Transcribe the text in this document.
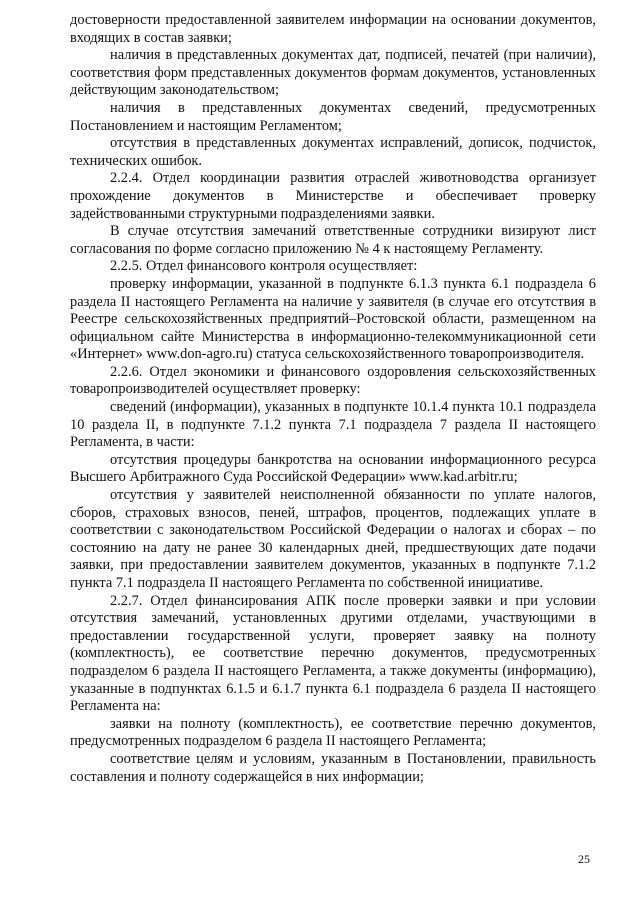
достоверности предоставленной заявителем информации на основании документов, входящих в состав заявки;

наличия в представленных документах дат, подписей, печатей (при наличии), соответствия форм представленных документов формам документов, установленных действующим законодательством;

наличия в представленных документах сведений, предусмотренных Постановлением и настоящим Регламентом;

отсутствия в представленных документах исправлений, дописок, подчисток, технических ошибок.

2.2.4. Отдел координации развития отраслей животноводства организует прохождение документов в Министерстве и обеспечивает проверку задействованными структурными подразделениями заявки.

В случае отсутствия замечаний ответственные сотрудники визируют лист согласования по форме согласно приложению № 4 к настоящему Регламенту.

2.2.5. Отдел финансового контроля осуществляет:

проверку информации, указанной в подпункте 6.1.3 пункта 6.1 подраздела 6 раздела II настоящего Регламента на наличие у заявителя (в случае его отсутствия в Реестре сельскохозяйственных предприятий–Ростовской области, размещенном на официальном сайте Министерства в информационно-телекоммуникационной сети «Интернет» www.don-agro.ru) статуса сельскохозяйственного товаропроизводителя.

2.2.6. Отдел экономики и финансового оздоровления сельскохозяйственных товаропроизводителей осуществляет проверку:

сведений (информации), указанных в подпункте 10.1.4 пункта 10.1 подраздела 10 раздела II, в подпункте 7.1.2 пункта 7.1 подраздела 7 раздела II настоящего Регламента, в части:

отсутствия процедуры банкротства на основании информационного ресурса Высшего Арбитражного Суда Российской Федерации» www.kad.arbitr.ru;

отсутствия у заявителей неисполненной обязанности по уплате налогов, сборов, страховых взносов, пеней, штрафов, процентов, подлежащих уплате в соответствии с законодательством Российской Федерации о налогах и сборах – по состоянию на дату не ранее 30 календарных дней, предшествующих дате подачи заявки, при предоставлении заявителем документов, указанных в подпункте 7.1.2 пункта 7.1 подраздела II настоящего Регламента по собственной инициативе.

2.2.7. Отдел финансирования АПК после проверки заявки и при условии отсутствия замечаний, установленных другими отделами, участвующими в предоставлении государственной услуги, проверяет заявку на полноту (комплектность), ее соответствие перечню документов, предусмотренных подразделом 6 раздела II настоящего Регламента, а также документы (информацию), указанные в подпунктах 6.1.5 и 6.1.7 пункта 6.1 подраздела 6 раздела II настоящего Регламента на:

заявки на полноту (комплектность), ее соответствие перечню документов, предусмотренных подразделом 6 раздела II настоящего Регламента;

соответствие целям и условиям, указанным в Постановлении, правильность составления и полноту содержащейся в них информации;

25
